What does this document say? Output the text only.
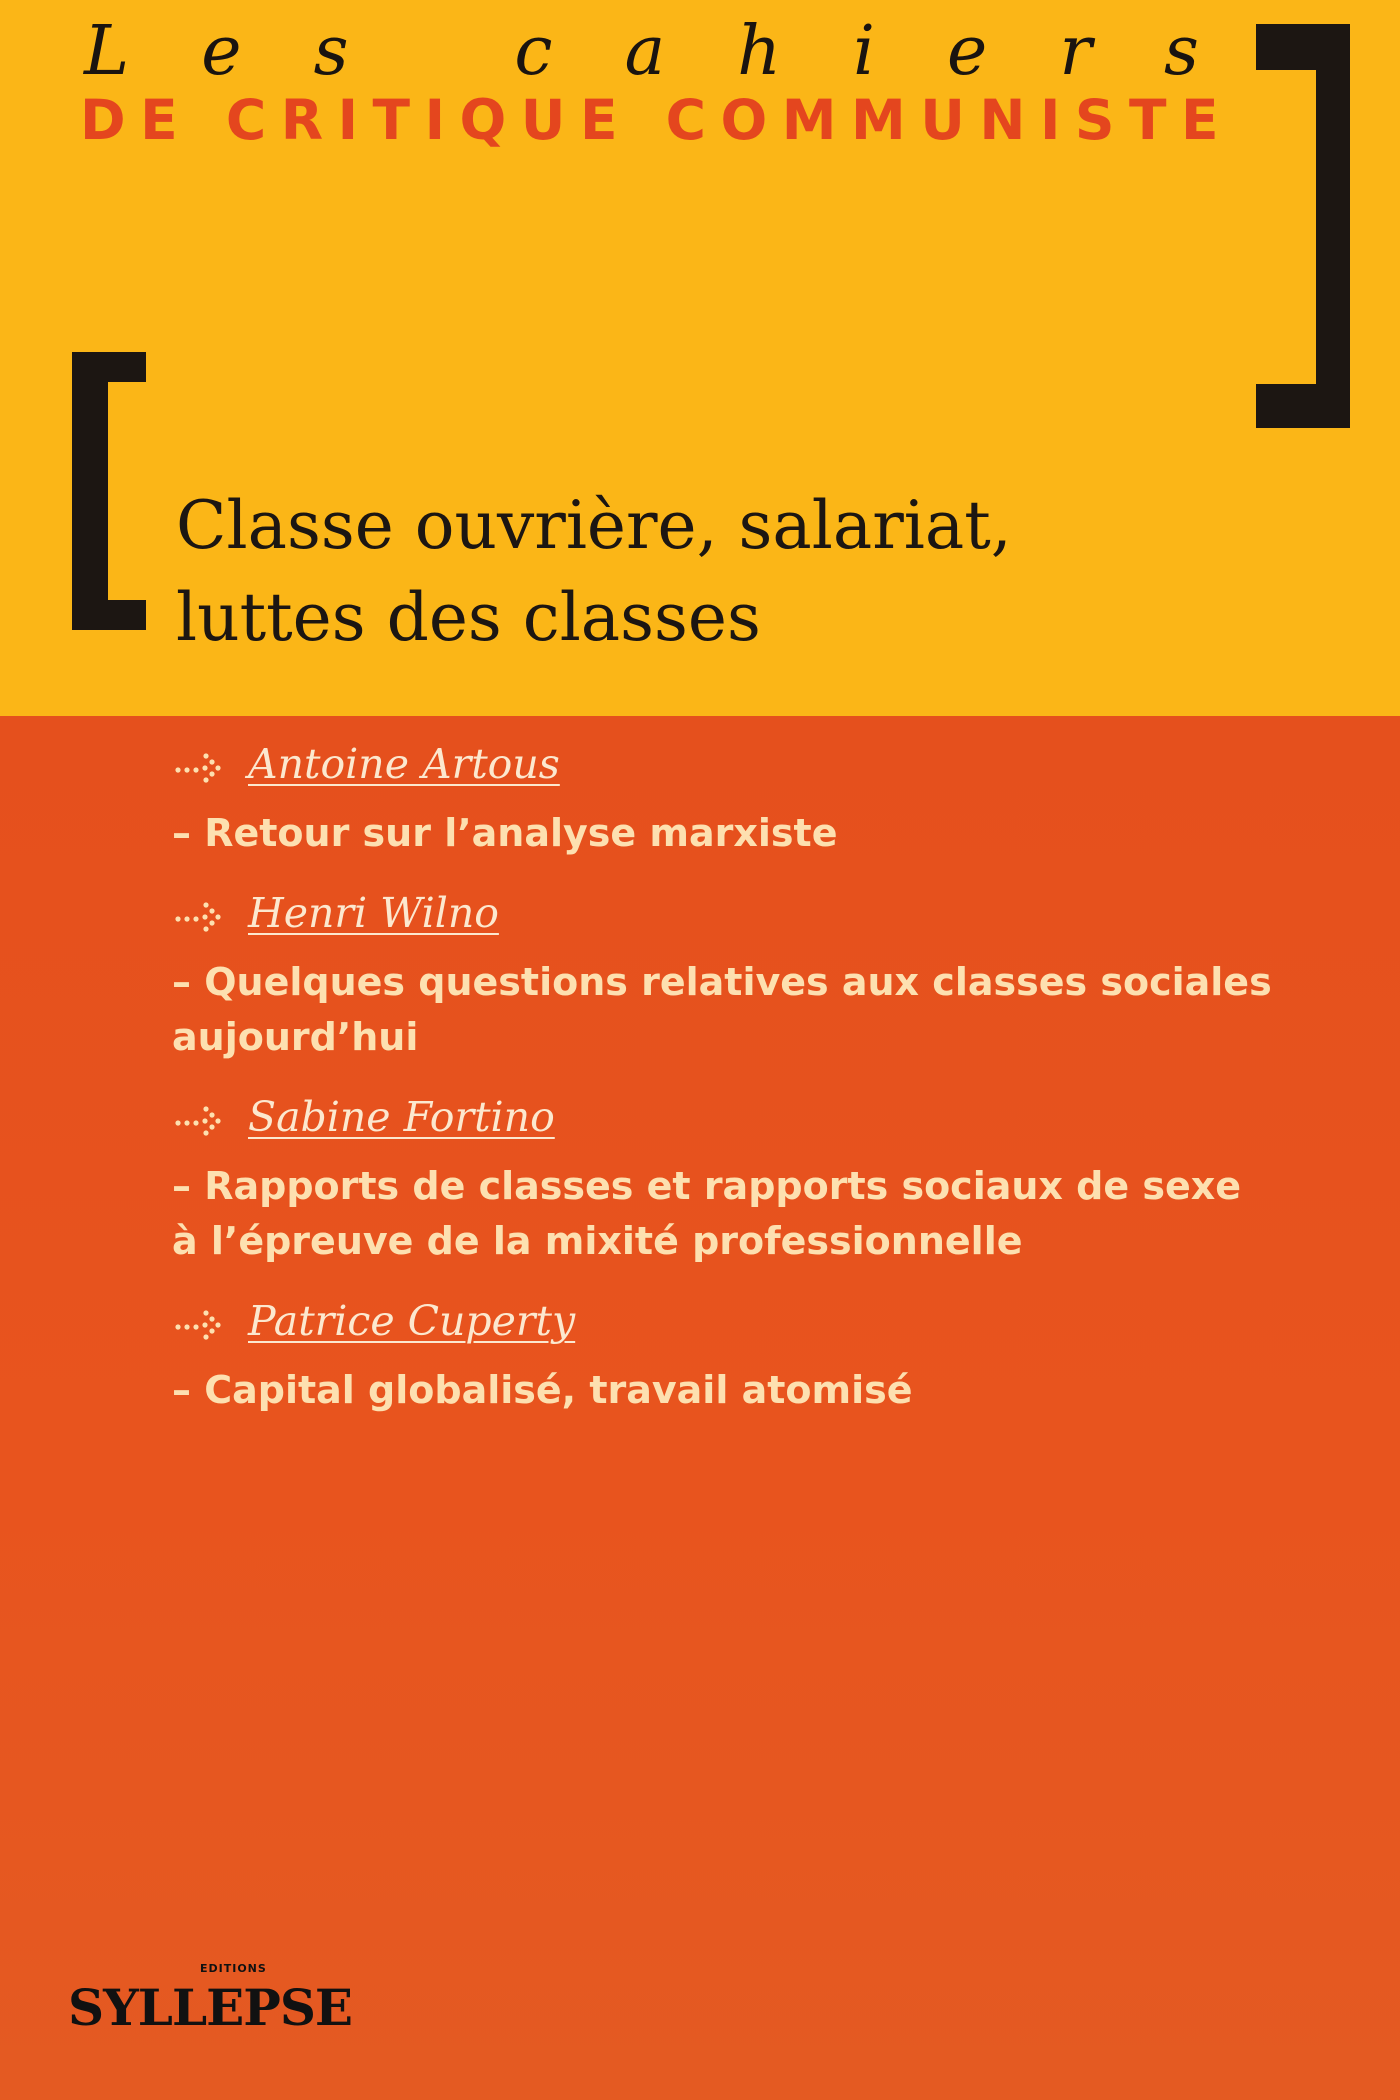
L e s
c a h i e r s
DE CRITIQUE COMMUNISTE
Classe ouvrière, salariat,
luttes des classes
Antoine Artous
– Retour sur l’analyse marxiste
Henri Wilno
– Quelques questions relatives aux classes sociales
aujourd’hui
Sabine Fortino
– Rapports de classes et rapports sociaux de sexe
à l’épreuve de la mixité professionnelle
Patrice Cuperty
– Capital globalisé, travail atomisé
EDITIONS
SYLLEPSE
